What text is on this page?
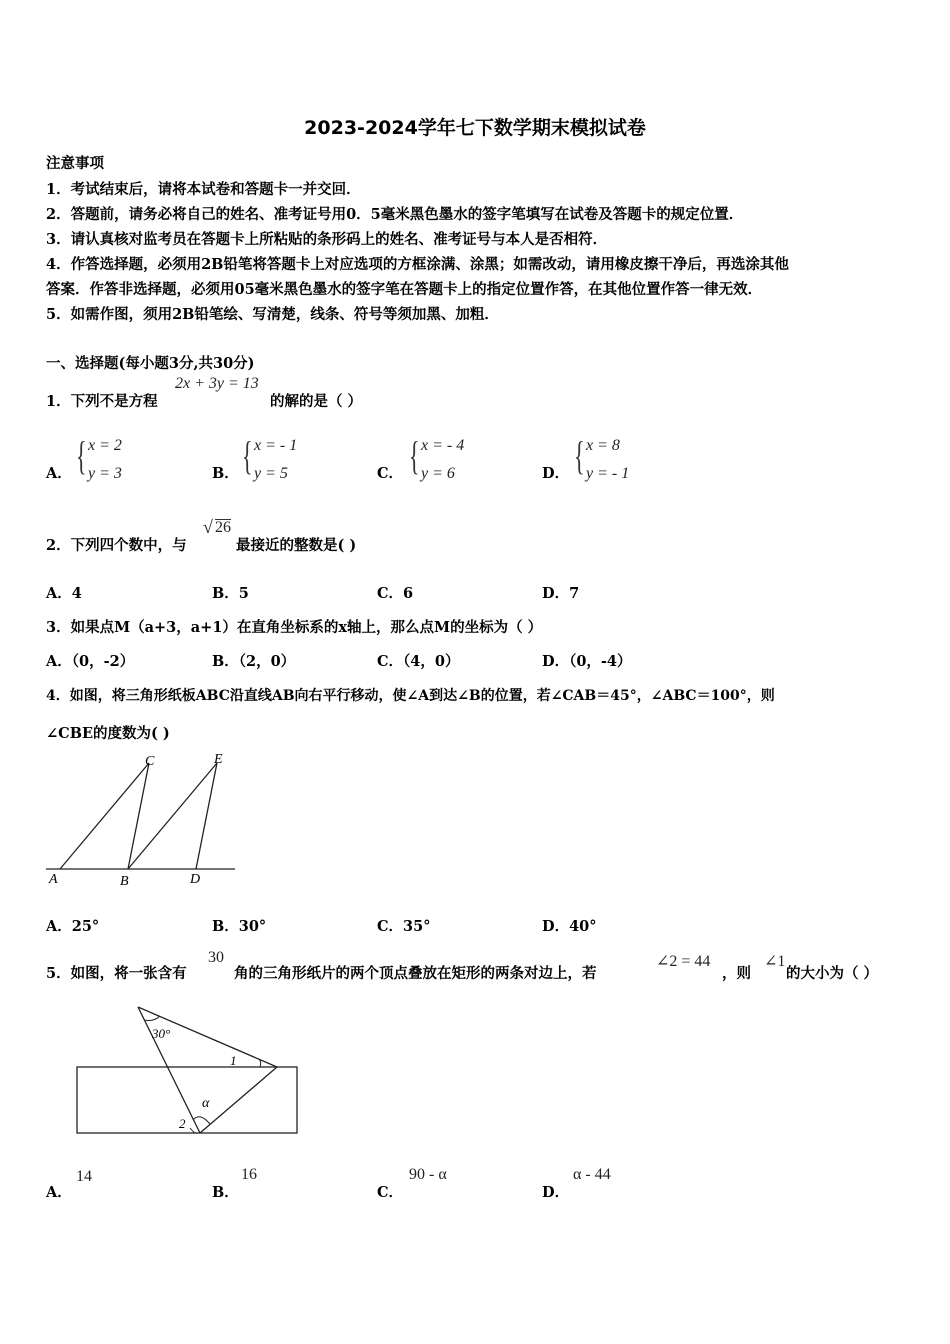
2023-2024学年七下数学期末模拟试卷
注意事项
1．考试结束后，请将本试卷和答题卡一并交回．
2．答题前，请务必将自己的姓名、准考证号用0．5毫米黑色墨水的签字笔填写在试卷及答题卡的规定位置．
3．请认真核对监考员在答题卡上所粘贴的条形码上的姓名、准考证号与本人是否相符．
4．作答选择题，必须用2B铅笔将答题卡上对应选项的方框涂满、涂黑；如需改动，请用橡皮擦干净后，再选涂其他
答案．作答非选择题，必须用05毫米黑色墨水的签字笔在答题卡上的指定位置作答，在其他位置作答一律无效．
5．如需作图，须用2B铅笔绘、写清楚，线条、符号等须加黑、加粗．
一、选择题(每小题3分,共30分)
1．下列不是方程
2x + 3y = 13
的解的是（ ）
A． { x = 2
y = 3	B． { x = - 1
y = 5	C． { x = - 4
y = 6	D． { x = 8
y = - 1
2．下列四个数中，与
√ 26
最接近的整数是( )
A．4	B．5	C．6	D．7
3．如果点M（a+3，a+1）在直角坐标系的x轴上，那么点M的坐标为（ ）
A．（0，-2）	B．（2，0）	C．（4，0）	D．（0，-4）
4．如图，将三角形纸板ABC沿直线AB向右平行移动，使∠A到达∠B的位置，若∠CAB＝45°，∠ABC＝100°，则
∠CBE的度数为( )
A	B
C
D
E
A．25°	B．30°	C．35°	D．40°
5．如图，将一张含有
30
角的三角形纸片的两个顶点叠放在矩形的两条对边上，若
∠2 = 44
，则
∠1
的大小为（ ）
30°
1
2
α
A．
14
B．
16
C．
90 - α
D．
α - 44
